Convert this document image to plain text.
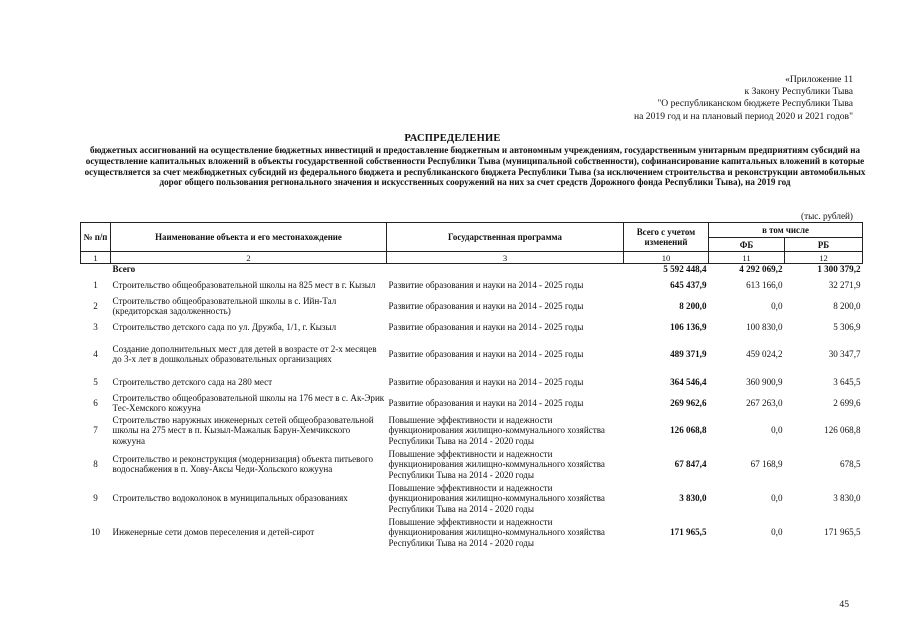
«Приложение 11
к Закону Республики Тыва
"О республиканском бюджете Республики Тыва
на 2019 год и на плановый период 2020 и 2021 годов"
РАСПРЕДЕЛЕНИЕ
бюджетных ассигнований на осуществление бюджетных инвестиций и предоставление бюджетным и автономным учреждениям, государственным унитарным предприятиям субсидий на осуществление капитальных вложений в объекты государственной собственности Республики Тыва (муниципальной собственности), софинансирование капитальных вложений в которые осуществляется за счет межбюджетных субсидий из федерального бюджета и республиканского бюджета Республики Тыва (за исключением строительства и реконструкции автомобильных дорог общего пользования регионального значения и искусственных сооружений на них за счет средств Дорожного фонда Республики Тыва), на 2019 год
(тыс. рублей)
№ п/п	Наименование объекта и его местонахождение	Государственная программа	Всего с учетом изменений	в том числе	
				ФБ	РБ
1	2	3	10	11	12
	Всего		5 592 448,4	4 292 069,2	1 300 379,2
1	Строительство общеобразовательной школы на 825 мест в г. Кызыл	Развитие образования и науки на 2014 - 2025 годы	645 437,9	613 166,0	32 271,9
2	Строительство общеобразовательной школы в с. Ийн-Тал (кредиторская задолженность)	Развитие образования и науки на 2014 - 2025 годы	8 200,0	0,0	8 200,0
3	Строительство детского сада по ул. Дружба, 1/1, г. Кызыл	Развитие образования и науки на 2014 - 2025 годы	106 136,9	100 830,0	5 306,9
4	Создание дополнительных мест для детей в возрасте от 2-х месяцев до 3-х лет в дошкольных образовательных организациях	Развитие образования и науки на 2014 - 2025 годы	489 371,9	459 024,2	30 347,7
5	Строительство детского сада на 280 мест	Развитие образования и науки на 2014 - 2025 годы	364 546,4	360 900,9	3 645,5
6	Строительство общеобразовательной школы на 176 мест в с. Ак-Эрик Тес-Хемского кожууна	Развитие образования и науки на 2014 - 2025 годы	269 962,6	267 263,0	2 699,6
7	Строительство наружных инженерных сетей общеобразовательной школы на 275 мест в п. Кызыл-Мажалык Барун-Хемчикского кожууна	Повышение эффективности и надежности функционирования жилищно-коммунального хозяйства Республики Тыва на 2014 - 2020 годы	126 068,8	0,0	126 068,8
8	Строительство и реконструкция (модернизация) объекта питьевого водоснабжения в п. Хову-Аксы Чеди-Хольского кожууна	Повышение эффективности и надежности функционирования жилищно-коммунального хозяйства Республики Тыва на 2014 - 2020 годы	67 847,4	67 168,9	678,5
9	Строительство водоколонок в муниципальных образованиях	Повышение эффективности и надежности функционирования жилищно-коммунального хозяйства Республики Тыва на 2014 - 2020 годы	3 830,0	0,0	3 830,0
10	Инженерные сети домов переселения и детей-сирот	Повышение эффективности и надежности функционирования жилищно-коммунального хозяйства Республики Тыва на 2014 - 2020 годы	171 965,5	0,0	171 965,5
45
